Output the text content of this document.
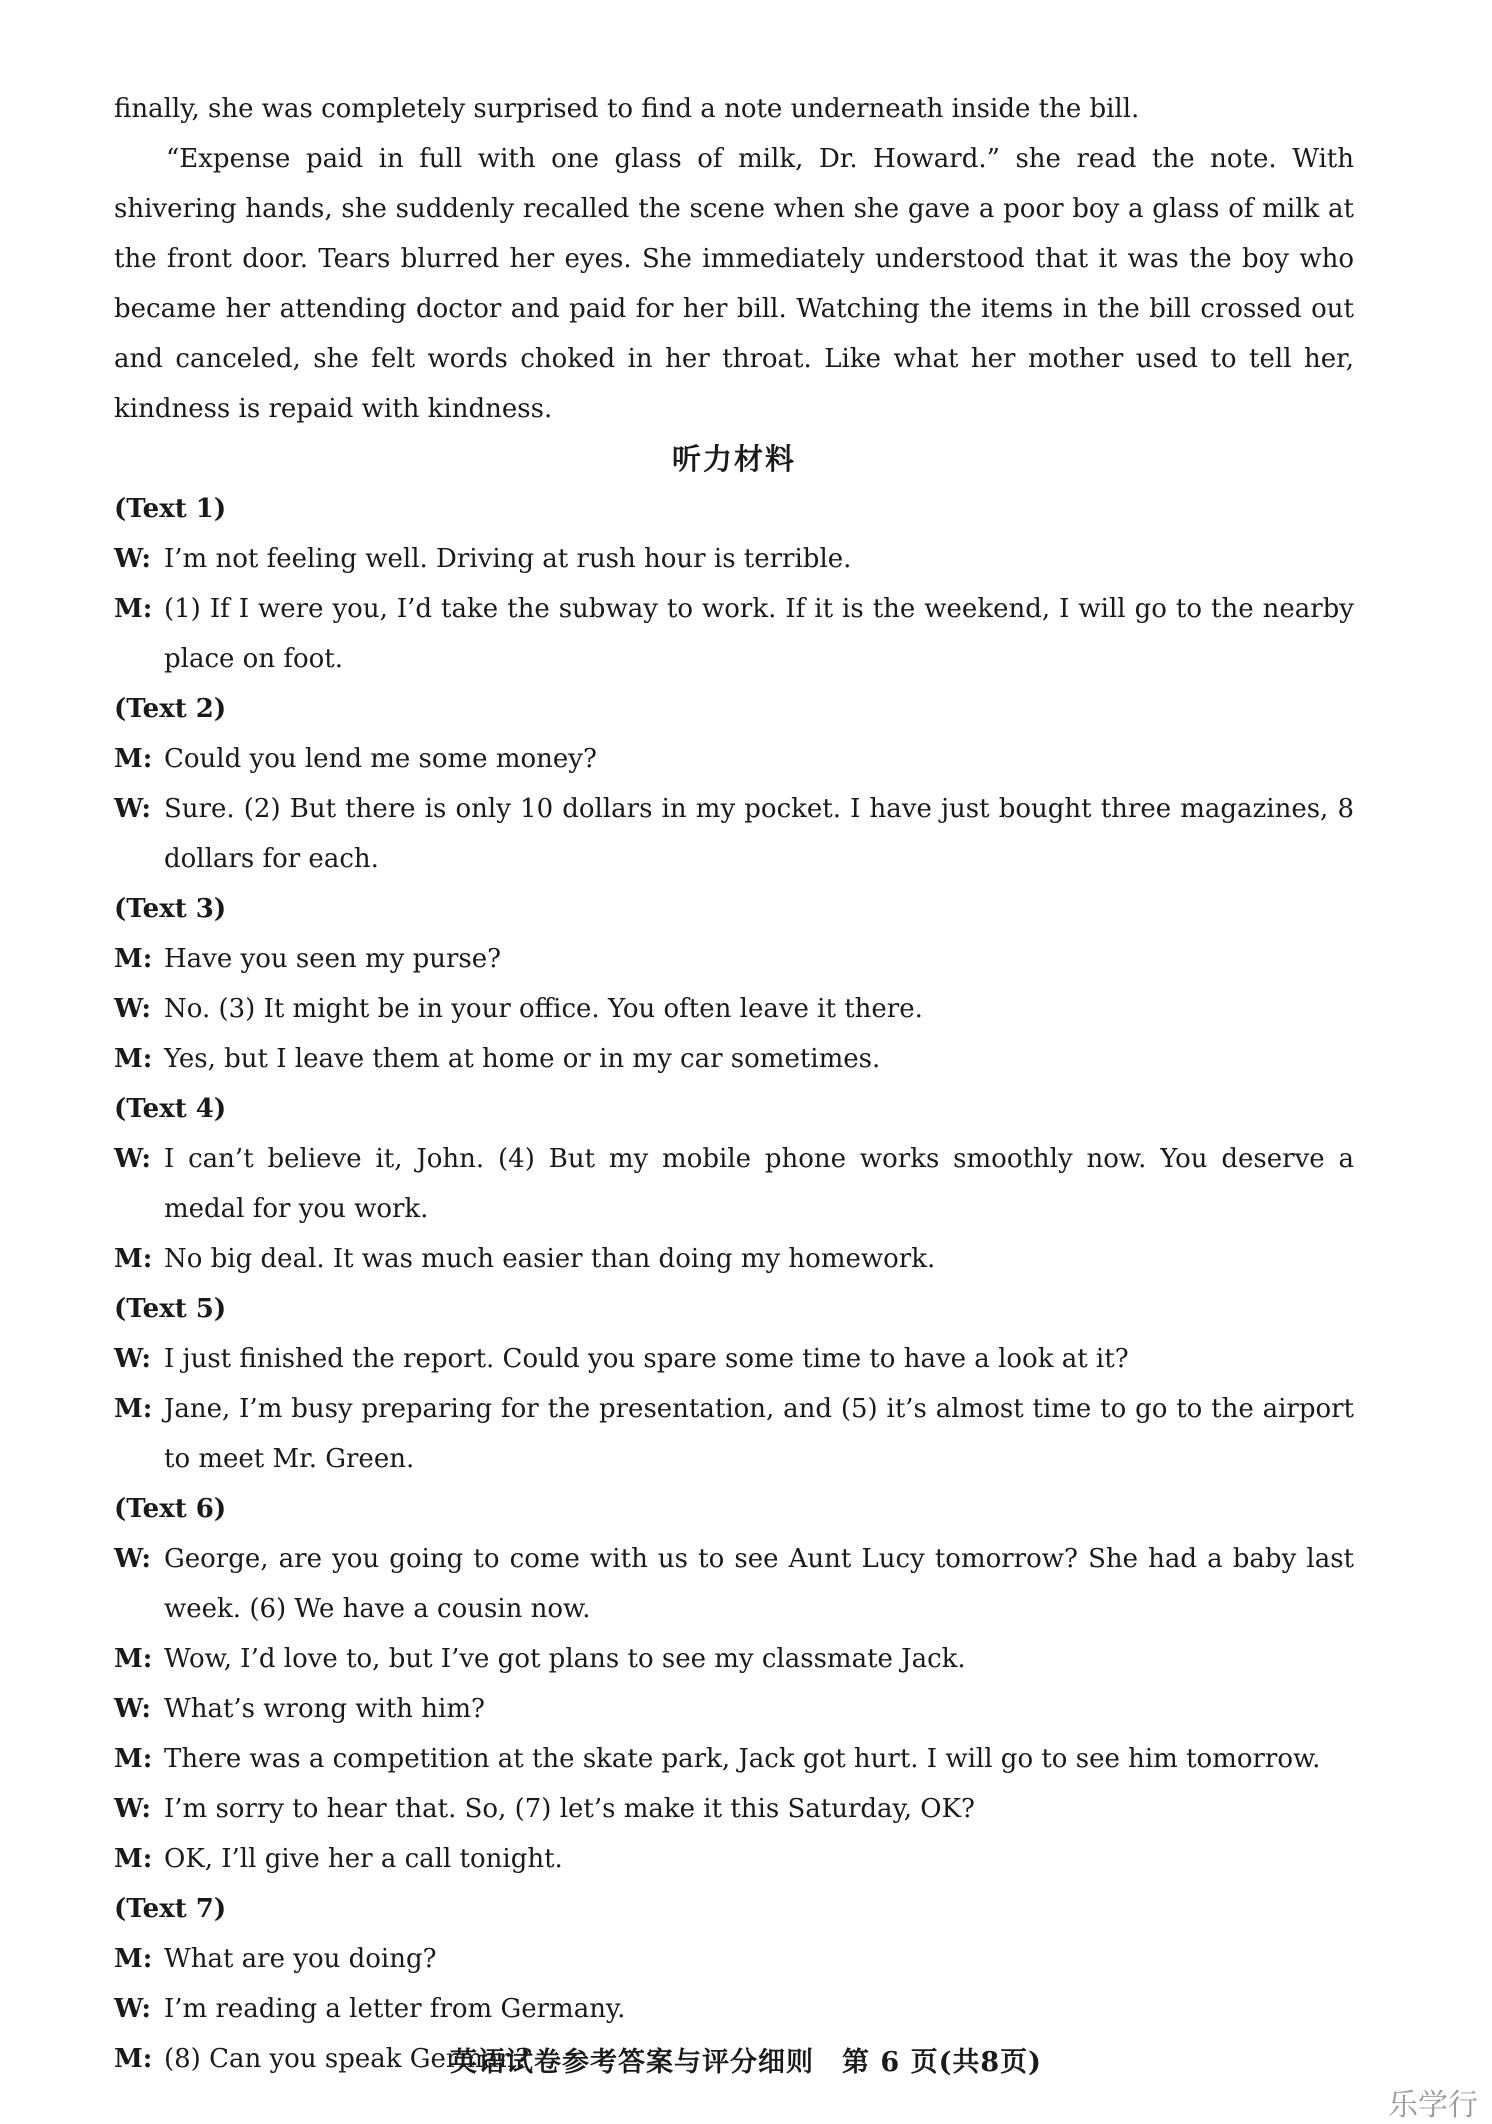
finally, she was completely surprised to find a note underneath inside the bill.

“Expense paid in full with one glass of milk, Dr. Howard.” she read the note. With shivering hands, she suddenly recalled the scene when she gave a poor boy a glass of milk at the front door. Tears blurred her eyes. She immediately understood that it was the boy who became her attending doctor and paid for her bill. Watching the items in the bill crossed out and canceled, she felt words choked in her throat. Like what her mother used to tell her, kindness is repaid with kindness.

听力材料

(Text 1)

W: I’m not feeling well. Driving at rush hour is terrible.
M: (1) If I were you, I’d take the subway to work. If it is the weekend, I will go to the nearby place on foot.

(Text 2)

M: Could you lend me some money?
W: Sure. (2) But there is only 10 dollars in my pocket. I have just bought three magazines, 8 dollars for each.

(Text 3)

M: Have you seen my purse?
W: No. (3) It might be in your office. You often leave it there.
M: Yes, but I leave them at home or in my car sometimes.

(Text 4)

W: I can’t believe it, John. (4) But my mobile phone works smoothly now. You deserve a medal for you work.
M: No big deal. It was much easier than doing my homework.

(Text 5)

W: I just finished the report. Could you spare some time to have a look at it?
M: Jane, I’m busy preparing for the presentation, and (5) it’s almost time to go to the airport to meet Mr. Green.

(Text 6)

W: George, are you going to come with us to see Aunt Lucy tomorrow? She had a baby last week. (6) We have a cousin now.
M: Wow, I’d love to, but I’ve got plans to see my classmate Jack.
W: What’s wrong with him?
M: There was a competition at the skate park, Jack got hurt. I will go to see him tomorrow.
W: I’m sorry to hear that. So, (7) let’s make it this Saturday, OK?
M: OK, I’ll give her a call tonight.

(Text 7)

M: What are you doing?
W: I’m reading a letter from Germany.
M: (8) Can you speak German?
英语试卷参考答案与评分细则　第 6 页(共8页)
乐学行
